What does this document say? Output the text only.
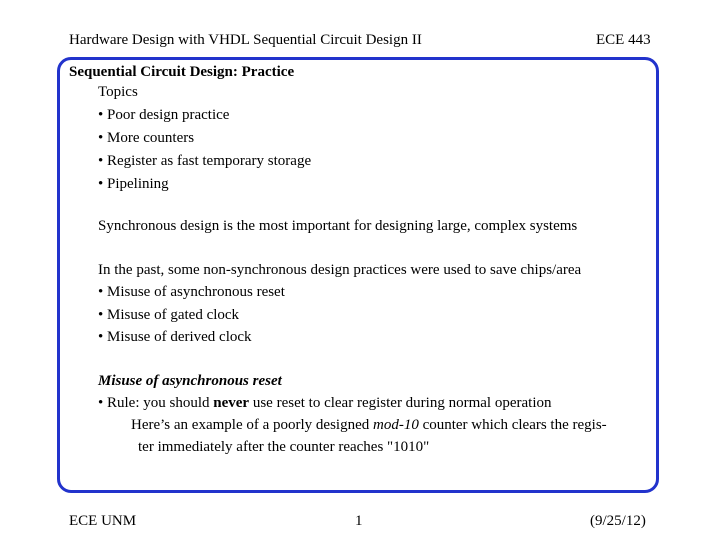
Hardware Design with VHDL Sequential Circuit Design II	ECE 443
Sequential Circuit Design: Practice
Topics
• Poor design practice
• More counters
• Register as fast temporary storage
• Pipelining
Synchronous design is the most important for designing large, complex systems
In the past, some non-synchronous design practices were used to save chips/area
• Misuse of asynchronous reset
• Misuse of gated clock
• Misuse of derived clock
Misuse of asynchronous reset
• Rule: you should never use reset to clear register during normal operation
Here’s an example of a poorly designed mod-10 counter which clears the regis-
ter immediately after the counter reaches "1010"
ECE UNM	1	(9/25/12)
